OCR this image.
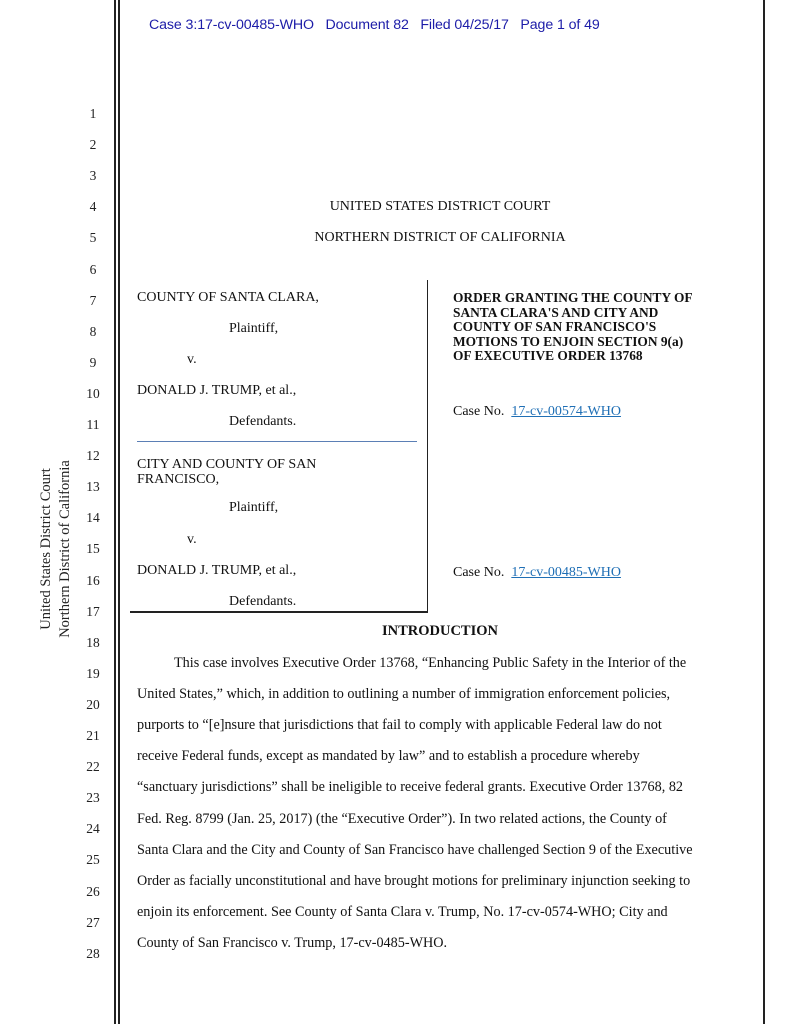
Case 3:17-cv-00485-WHO Document 82 Filed 04/25/17 Page 1 of 49
1
2
3
4
5
6
7
8
9
10
11
12
13
14
15
16
17
18
19
20
21
22
23
24
25
26
27
28
United States District Court Northern District of California
UNITED STATES DISTRICT COURT
NORTHERN DISTRICT OF CALIFORNIA
COUNTY OF SANTA CLARA,
Plaintiff,
v.
DONALD J. TRUMP, et al.,
Defendants.
CITY AND COUNTY OF SAN
FRANCISCO,
Plaintiff,
v.
DONALD J. TRUMP, et al.,
Defendants.
ORDER GRANTING THE COUNTY OF
SANTA CLARA'S AND CITY AND
COUNTY OF SAN FRANCISCO'S
MOTIONS TO ENJOIN SECTION 9(a)
OF EXECUTIVE ORDER 13768
Case No. 17-cv-00574-WHO
Case No. 17-cv-00485-WHO
INTRODUCTION
This case involves Executive Order 13768, “Enhancing Public Safety in the Interior of the
United States,” which, in addition to outlining a number of immigration enforcement policies,
purports to “[e]nsure that jurisdictions that fail to comply with applicable Federal law do not
receive Federal funds, except as mandated by law” and to establish a procedure whereby
“sanctuary jurisdictions” shall be ineligible to receive federal grants. Executive Order 13768, 82
Fed. Reg. 8799 (Jan. 25, 2017) (the “Executive Order”). In two related actions, the County of
Santa Clara and the City and County of San Francisco have challenged Section 9 of the Executive
Order as facially unconstitutional and have brought motions for preliminary injunction seeking to
enjoin its enforcement. See County of Santa Clara v. Trump, No. 17-cv-0574-WHO; City and
County of San Francisco v. Trump, 17-cv-0485-WHO.
